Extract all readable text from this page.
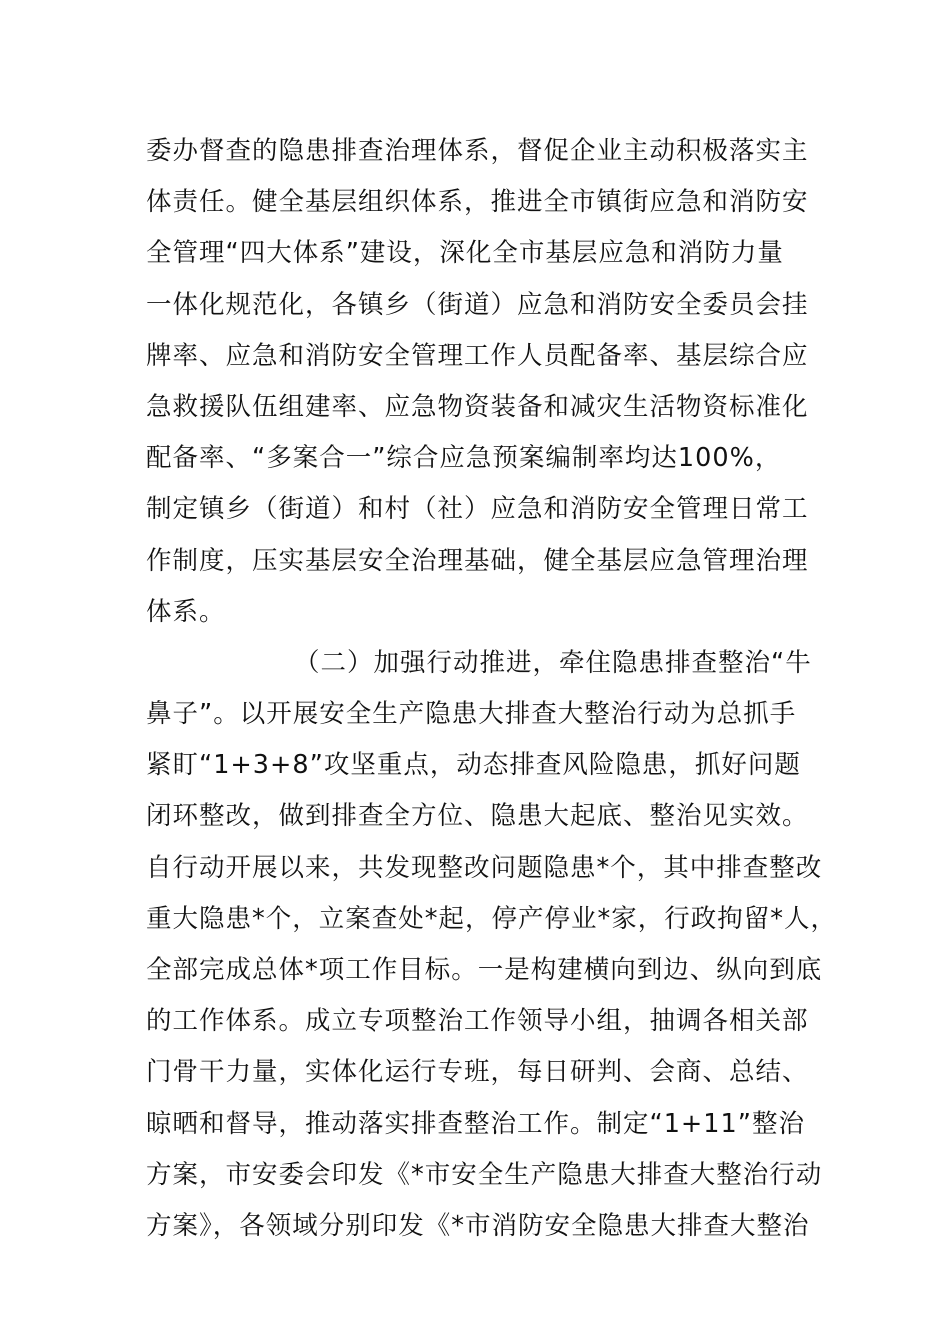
委办督查的隐患排查治理体系，督促企业主动积极落实主
体责任。健全基层组织体系，推进全市镇街应急和消防安
全管理“四大体系”建设，深化全市基层应急和消防力量
一体化规范化，各镇乡（街道）应急和消防安全委员会挂
牌率、应急和消防安全管理工作人员配备率、基层综合应
急救援队伍组建率、应急物资装备和减灾生活物资标准化
配备率、“多案合一”综合应急预案编制率均达100%，
制定镇乡（街道）和村（社）应急和消防安全管理日常工
作制度，压实基层安全治理基础，健全基层应急管理治理
体系。
（二）加强行动推进，牵住隐患排查整治“牛
鼻子”。以开展安全生产隐患大排查大整治行动为总抓手
紧盯“1+3+8”攻坚重点，动态排查风险隐患，抓好问题
闭环整改，做到排查全方位、隐患大起底、整治见实效。
自行动开展以来，共发现整改问题隐患*个，其中排查整改
重大隐患*个，立案查处*起，停产停业*家，行政拘留*人，
全部完成总体*项工作目标。一是构建横向到边、纵向到底
的工作体系。成立专项整治工作领导小组，抽调各相关部
门骨干力量，实体化运行专班，每日研判、会商、总结、
晾晒和督导，推动落实排查整治工作。制定“1+11”整治
方案，市安委会印发《*市安全生产隐患大排查大整治行动
方案》，各领域分别印发《*市消防安全隐患大排查大整治
